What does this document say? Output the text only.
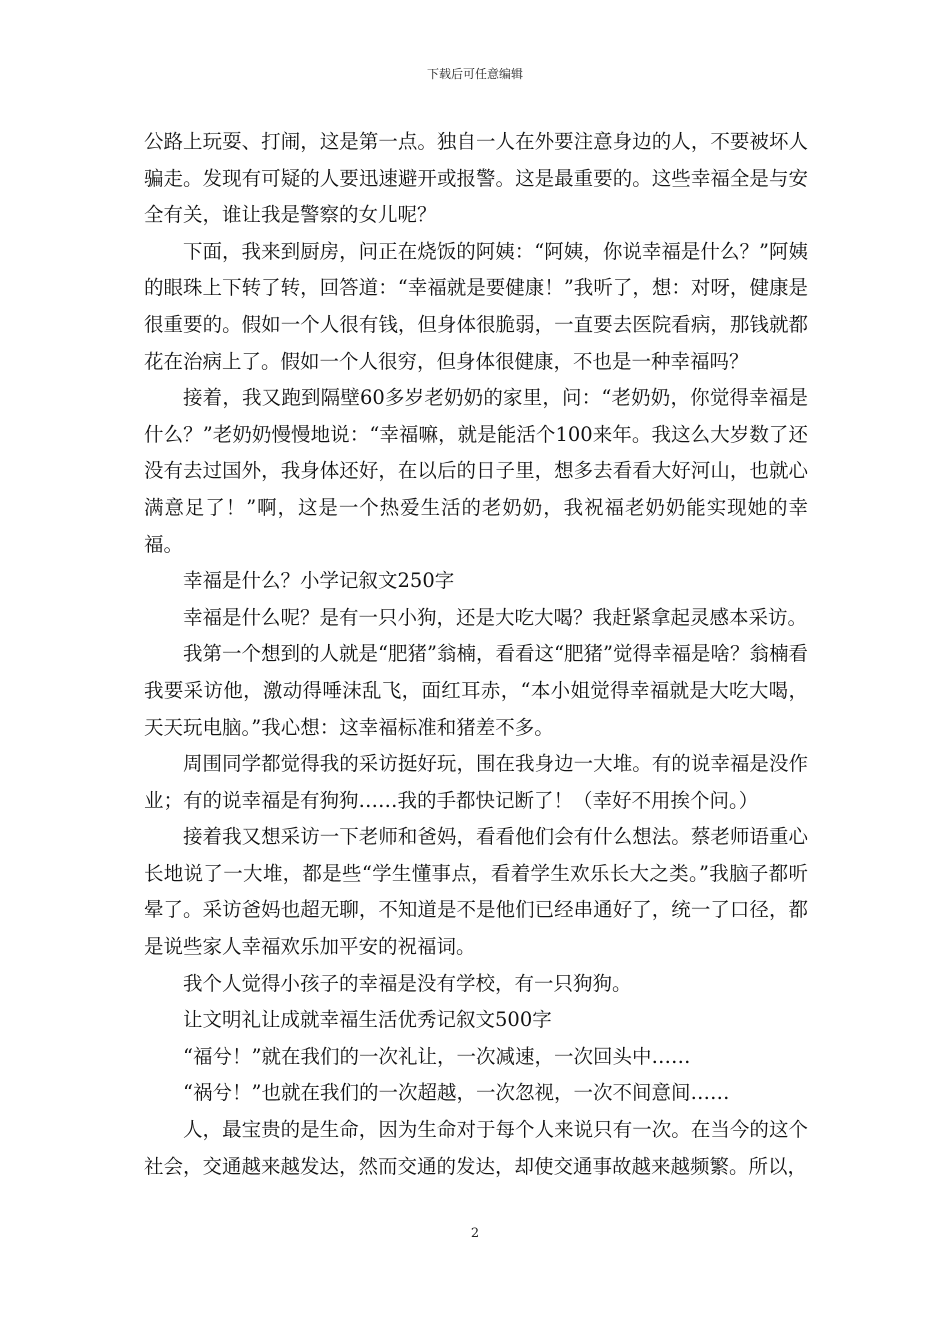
下载后可任意编辑

公路上玩耍、打闹，这是第一点。独自一人在外要注意身边的人，不要被坏人骗走。发现有可疑的人要迅速避开或报警。这是最重要的。这些幸福全是与安全有关，谁让我是警察的女儿呢？

下面，我来到厨房，问正在烧饭的阿姨：“阿姨，你说幸福是什么？”阿姨的眼珠上下转了转，回答道：“幸福就是要健康！”我听了，想：对呀，健康是很重要的。假如一个人很有钱，但身体很脆弱，一直要去医院看病，那钱就都花在治病上了。假如一个人很穷，但身体很健康，不也是一种幸福吗？

接着，我又跑到隔壁60多岁老奶奶的家里，问：“老奶奶，你觉得幸福是什么？”老奶奶慢慢地说：“幸福嘛，就是能活个100来年。我这么大岁数了还没有去过国外，我身体还好，在以后的日子里，想多去看看大好河山，也就心满意足了！”啊，这是一个热爱生活的老奶奶，我祝福老奶奶能实现她的幸福。

幸福是什么？小学记叙文250字

幸福是什么呢？是有一只小狗，还是大吃大喝？我赶紧拿起灵感本采访。

我第一个想到的人就是“肥猪”翁楠，看看这“肥猪”觉得幸福是啥？翁楠看我要采访他，激动得唾沫乱飞，面红耳赤，“本小姐觉得幸福就是大吃大喝，天天玩电脑。”我心想：这幸福标准和猪差不多。

周围同学都觉得我的采访挺好玩，围在我身边一大堆。有的说幸福是没作业；有的说幸福是有狗狗……我的手都快记断了！（幸好不用挨个问。）

接着我又想采访一下老师和爸妈，看看他们会有什么想法。蔡老师语重心长地说了一大堆，都是些“学生懂事点，看着学生欢乐长大之类。”我脑子都听晕了。采访爸妈也超无聊，不知道是不是他们已经串通好了，统一了口径，都是说些家人幸福欢乐加平安的祝福词。

我个人觉得小孩子的幸福是没有学校，有一只狗狗。

让文明礼让成就幸福生活优秀记叙文500字

“福兮！”就在我们的一次礼让，一次减速，一次回头中……

“祸兮！”也就在我们的一次超越，一次忽视，一次不间意间……

人，最宝贵的是生命，因为生命对于每个人来说只有一次。在当今的这个社会，交通越来越发达，然而交通的发达，却使交通事故越来越频繁。所以，

2
